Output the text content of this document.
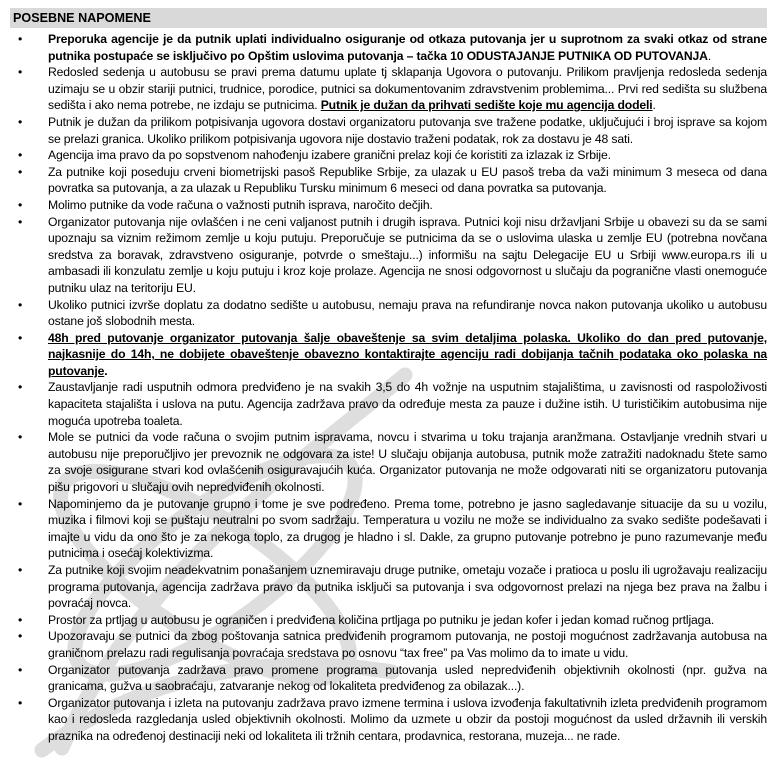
POSEBNE NAPOMENE
• Preporuka agencije je da putnik uplati individualno osiguranje od otkaza putovanja jer u suprotnom za svaki otkaz od strane putnika postupaće se isključivo po Opštim uslovima putovanja – tačka 10 ODUSTAJANJE PUTNIKA OD PUTOVANJA.
• Redosled sedenja u autobusu se pravi prema datumu uplate tj sklapanja Ugovora o putovanju. Prilikom pravljenja redosleda sedenja uzimaju se u obzir stariji putnici, trudnice, porodice, putnici sa dokumentovanim zdravstvenim problemima... Prvi red sedišta su službena sedišta i ako nema potrebe, ne izdaju se putnicima. Putnik je dužan da prihvati sedište koje mu agencija dodeli.
• Putnik je dužan da prilikom potpisivanja ugovora dostavi organizatoru putovanja sve tražene podatke, uključujući i broj isprave sa kojom se prelazi granica. Ukoliko prilikom potpisivanja ugovora nije dostavio traženi podatak, rok za dostavu je 48 sati.
• Agencija ima pravo da po sopstvenom nahođenju izabere granični prelaz koji će koristiti za izlazak iz Srbije.
• Za putnike koji poseduju crveni biometrijski pasoš Republike Srbije, za ulazak u EU pasoš treba da važi minimum 3 meseca od dana povratka sa putovanja, a za ulazak u Republiku Tursku minimum 6 meseci od dana povratka sa putovanja.
• Molimo putnike da vode računa o važnosti putnih isprava, naročito dečjih.
• Organizator putovanja nije ovlašćen i ne ceni valjanost putnih i drugih isprava. Putnici koji nisu državljani Srbije u obavezi su da se sami upoznaju sa viznim režimom zemlje u koju putuju. Preporučuje se putnicima da se o uslovima ulaska u zemlje EU (potrebna novčana sredstva za boravak, zdravstveno osiguranje, potvrde o smeštaju...) informišu na sajtu Delegacije EU u Srbiji www.europa.rs ili u ambasadi ili konzulatu zemlje u koju putuju i kroz koje prolaze. Agencija ne snosi odgovornost u slučaju da pogranične vlasti onemoguće putniku ulaz na teritoriju EU.
• Ukoliko putnici izvrše doplatu za dodatno sedište u autobusu, nemaju prava na refundiranje novca nakon putovanja ukoliko u autobusu ostane još slobodnih mesta.
• 48h pred putovanje organizator putovanja šalje obaveštenje sa svim detaljima polaska. Ukoliko do dan pred putovanje, najkasnije do 14h, ne dobijete obaveštenje obavezno kontaktirajte agenciju radi dobijanja tačnih podataka oko polaska na putovanje.
• Zaustavljanje radi usputnih odmora predviđeno je na svakih 3,5 do 4h vožnje na usputnim stajalištima, u zavisnosti od raspoloživosti kapaciteta stajališta i uslova na putu. Agencija zadržava pravo da određuje mesta za pauze i dužine istih. U turističikim autobusima nije moguća upotreba toaleta.
• Mole se putnici da vode računa o svojim putnim ispravama, novcu i stvarima u toku trajanja aranžmana. Ostavljanje vrednih stvari u autobusu nije preporučljivo jer prevoznik ne odgovara za iste! U slučaju obijanja autobusa, putnik može zatražiti nadoknadu štete samo za svoje osigurane stvari kod ovlašćenih osiguravajućih kuća. Organizator putovanja ne može odgovarati niti se organizatoru putovanja pišu prigovori u slučaju ovih nepredviđenih okolnosti.
• Napominjemo da je putovanje grupno i tome je sve podređeno. Prema tome, potrebno je jasno sagledavanje situacije da su u vozilu, muzika i filmovi koji se puštaju neutralni po svom sadržaju. Temperatura u vozilu ne može se individualno za svako sedište podešavati i imajte u vidu da ono što je za nekoga toplo, za drugog je hladno i sl. Dakle, za grupno putovanje potrebno je puno razumevanje među putnicima i osećaj kolektivizma.
• Za putnike koji svojim neadekvatnim ponašanjem uznemiravaju druge putnike, ometaju vozače i pratioca u poslu ili ugrožavaju realizaciju programa putovanja, agencija zadržava pravo da putnika isključi sa putovanja i sva odgovornost prelazi na njega bez prava na žalbu i povraćaj novca.
• Prostor za prtljag u autobusu je ograničen i predviđena količina prtljaga po putniku je jedan kofer i jedan komad ručnog prtljaga.
• Upozoravaju se putnici da zbog poštovanja satnica predviđenih programom putovanja, ne postoji mogućnost zadržavanja autobusa na graničnom prelazu radi regulisanja povraćaja sredstava po osnovu “tax free” pa Vas molimo da to imate u vidu.
• Organizator putovanja zadržava pravo promene programa putovanja usled nepredviđenih objektivnih okolnosti (npr. gužva na granicama, gužva u saobraćaju, zatvaranje nekog od lokaliteta predviđenog za obilazak...).
• Organizator putovanja i izleta na putovanju zadržava pravo izmene termina i uslova izvođenja fakultativnih izleta predviđenih programom kao i redosleda razgledanja usled objektivnih okolnosti. Molimo da uzmete u obzir da postoji mogućnost da usled državnih ili verskih praznika na određenoj destinaciji neki od lokaliteta ili tržnih centara, prodavnica, restorana, muzeja... ne rade.
